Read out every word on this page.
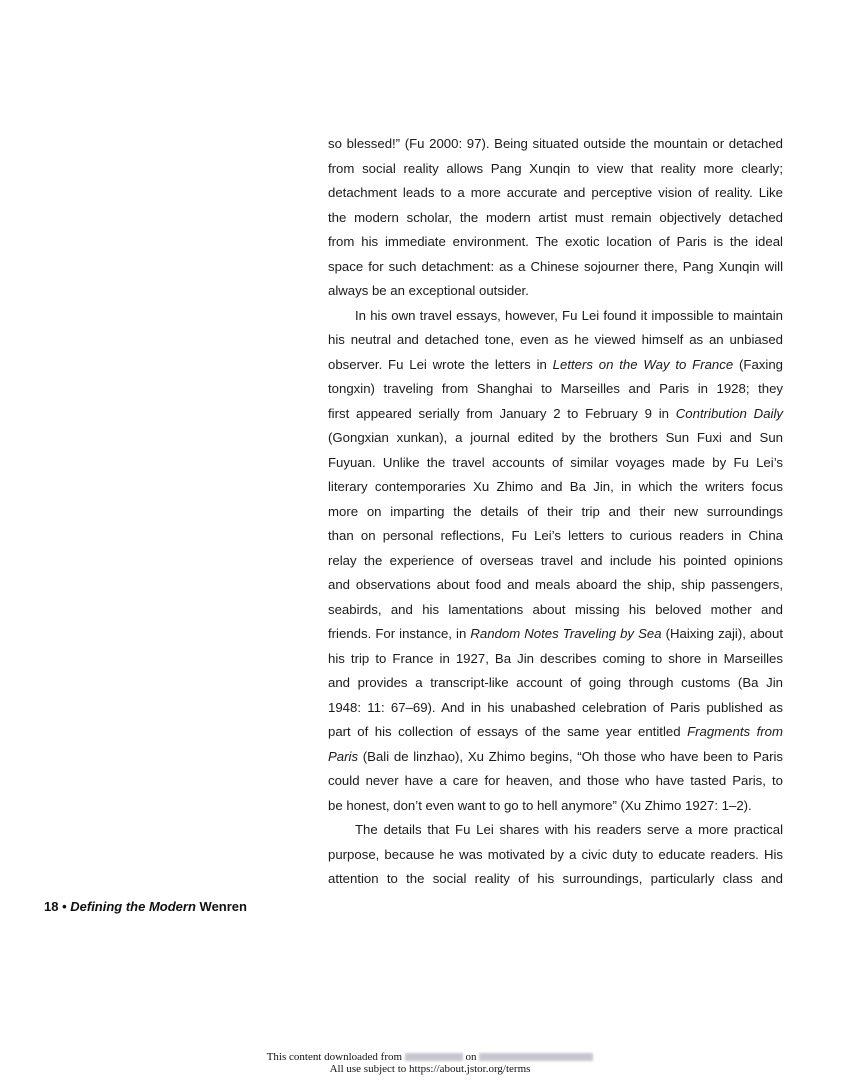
so blessed!” (Fu 2000: 97). Being situated outside the mountain or detached
from social reality allows Pang Xunqin to view that reality more clearly;
detachment leads to a more accurate and perceptive vision of reality. Like
the modern scholar, the modern artist must remain objectively detached
from his immediate environment. The exotic location of Paris is the ideal
space for such detachment: as a Chinese sojourner there, Pang Xunqin will
always be an exceptional outsider.
In his own travel essays, however, Fu Lei found it impossible to maintain
his neutral and detached tone, even as he viewed himself as an unbiased
observer. Fu Lei wrote the letters in Letters on the Way to France (Faxing
tongxin) traveling from Shanghai to Marseilles and Paris in 1928; they
first appeared serially from January 2 to February 9 in Contribution Daily
(Gongxian xunkan), a journal edited by the brothers Sun Fuxi and Sun
Fuyuan. Unlike the travel accounts of similar voyages made by Fu Lei’s
literary contemporaries Xu Zhimo and Ba Jin, in which the writers focus
more on imparting the details of their trip and their new surroundings
than on personal reflections, Fu Lei’s letters to curious readers in China
relay the experience of overseas travel and include his pointed opinions
and observations about food and meals aboard the ship, ship passengers,
seabirds, and his lamentations about missing his beloved mother and
friends. For instance, in Random Notes Traveling by Sea (Haixing zaji), about
his trip to France in 1927, Ba Jin describes coming to shore in Marseilles
and provides a transcript-like account of going through customs (Ba Jin
1948: 11: 67–69). And in his unabashed celebration of Paris published as
part of his collection of essays of the same year entitled Fragments from
Paris (Bali de linzhao), Xu Zhimo begins, “Oh those who have been to Paris
could never have a care for heaven, and those who have tasted Paris, to
be honest, don’t even want to go to hell anymore” (Xu Zhimo 1927: 1–2).
The details that Fu Lei shares with his readers serve a more practical
purpose, because he was motivated by a civic duty to educate readers. His
attention to the social reality of his surroundings, particularly class and
18 • Defining the Modern Wenren
This content downloaded from	on
All use subject to https://about.jstor.org/terms
